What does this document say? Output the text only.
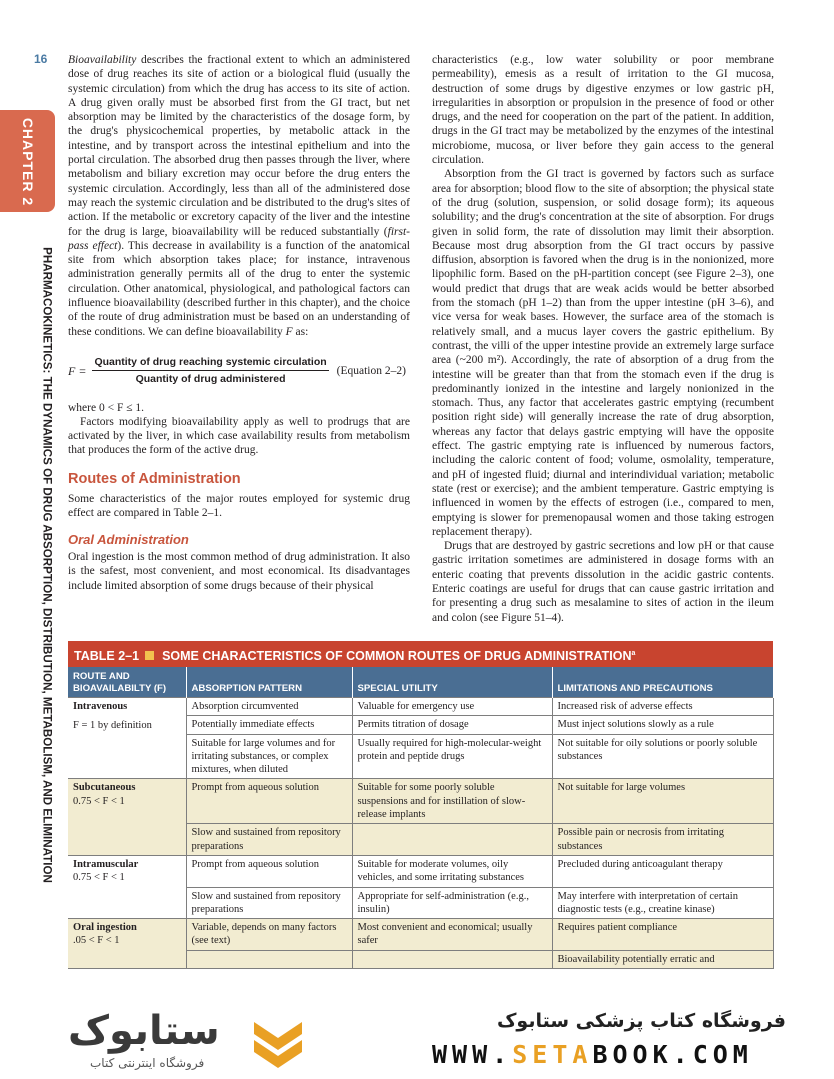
16
CHAPTER 2
PHARMACOKINETICS: THE DYNAMICS OF DRUG ABSORPTION, DISTRIBUTION, METABOLISM, AND ELIMINATION

Bioavailability describes the fractional extent to which an administered dose of drug reaches its site of action or a biological fluid (usually the systemic circulation) from which the drug has access to its site of action. A drug given orally must be absorbed first from the GI tract, but net absorption may be limited by the characteristics of the dosage form, by the drug's physicochemical properties, by metabolic attack in the intestine, and by transport across the intestinal epithelium and into the portal circulation. The absorbed drug then passes through the liver, where metabolism and biliary excretion may occur before the drug enters the systemic circulation. Accordingly, less than all of the administered dose may reach the systemic circulation and be distributed to the drug's sites of action. If the metabolic or excretory capacity of the liver and the intestine for the drug is large, bioavailability will be reduced substantially (first-pass effect). This decrease in availability is a function of the anatomical site from which absorption takes place; for instance, intravenous administration generally permits all of the drug to enter the systemic circulation. Other anatomical, physiological, and pathological factors can influence bioavailability (described further in this chapter), and the choice of the route of drug administration must be based on an understanding of these conditions. We can define bioavailability F as:

$F = \frac{\text{Quantity of drug reaching systemic circulation}}{\text{Quantity of drug administered}}$ (Equation 2–2)

where 0 < F ≤ 1.

Factors modifying bioavailability apply as well to prodrugs that are activated by the liver, in which case availability results from metabolism that produces the form of the active drug.

Routes of Administration

Some characteristics of the major routes employed for systemic drug effect are compared in Table 2–1.

Oral Administration

Oral ingestion is the most common method of drug administration. It also is the safest, most convenient, and most economical. Its disadvantages include limited absorption of some drugs because of their physical

characteristics (e.g., low water solubility or poor membrane permeability), emesis as a result of irritation to the GI mucosa, destruction of some drugs by digestive enzymes or low gastric pH, irregularities in absorption or propulsion in the presence of food or other drugs, and the need for cooperation on the part of the patient. In addition, drugs in the GI tract may be metabolized by the enzymes of the intestinal microbiome, mucosa, or liver before they gain access to the general circulation.

Absorption from the GI tract is governed by factors such as surface area for absorption; blood flow to the site of absorption; the physical state of the drug (solution, suspension, or solid dosage form); its aqueous solubility; and the drug's concentration at the site of absorption. For drugs given in solid form, the rate of dissolution may limit their absorption. Because most drug absorption from the GI tract occurs by passive diffusion, absorption is favored when the drug is in the nonionized, more lipophilic form. Based on the pH-partition concept (see Figure 2–3), one would predict that drugs that are weak acids would be better absorbed from the stomach (pH 1–2) than from the upper intestine (pH 3–6), and vice versa for weak bases. However, the surface area of the stomach is relatively small, and a mucus layer covers the gastric epithelium. By contrast, the villi of the upper intestine provide an extremely large surface area (~200 m²). Accordingly, the rate of absorption of a drug from the intestine will be greater than that from the stomach even if the drug is predominantly ionized in the intestine and largely nonionized in the stomach. Thus, any factor that accelerates gastric emptying (recumbent position right side) will generally increase the rate of drug absorption, whereas any factor that delays gastric emptying will have the opposite effect. The gastric emptying rate is influenced by numerous factors, including the caloric content of food; volume, osmolality, temperature, and pH of ingested fluid; diurnal and interindividual variation; metabolic state (rest or exercise); and the ambient temperature. Gastric emptying is influenced in women by the effects of estrogen (i.e., compared to men, emptying is slower for premenopausal women and those taking estrogen replacement therapy).

Drugs that are destroyed by gastric secretions and low pH or that cause gastric irritation sometimes are administered in dosage forms with an enteric coating that prevents dissolution in the acidic gastric contents. Enteric coatings are useful for drugs that can cause gastric irritation and for presenting a drug such as mesalamine to sites of action in the ileum and colon (see Figure 51–4).

TABLE 2–1 SOME CHARACTERISTICS OF COMMON ROUTES OF DRUG ADMINISTRATION$^a$
ROUTE AND BIOAVAILABILTY (F)	ABSORPTION PATTERN	SPECIAL UTILITY	LIMITATIONS AND PRECAUTIONS

Intravenous
F = 1 by definition	Absorption circumvented	Valuable for emergency use	Increased risk of adverse effects
	Potentially immediate effects	Permits titration of dosage	Must inject solutions slowly as a rule
	Suitable for large volumes and for irritating substances, or complex mixtures, when diluted	Usually required for high-molecular-weight protein and peptide drugs	Not suitable for oily solutions or poorly soluble substances

Subcutaneous
0.75 < F < 1	Prompt from aqueous solution	Suitable for some poorly soluble suspensions and for instillation of slow-release implants	Not suitable for large volumes
	Slow and sustained from repository preparations		Possible pain or necrosis from irritating substances

Intramuscular
0.75 < F < 1	Prompt from aqueous solution	Suitable for moderate volumes, oily vehicles, and some irritating substances	Precluded during anticoagulant therapy
	Slow and sustained from repository preparations	Appropriate for self-administration (e.g., insulin)	May interfere with interpretation of certain diagnostic tests (e.g., creatine kinase)

Oral ingestion
.05 < F < 1	Variable, depends on many factors (see text)	Most convenient and economical; usually safer	Requires patient compliance
			Bioavailability potentially erratic and
ستابوک
فروشگاه اینترنتی کتاب
فروشگاه کتاب پزشکی ستابوک
WWW.SETABOOK.COM
